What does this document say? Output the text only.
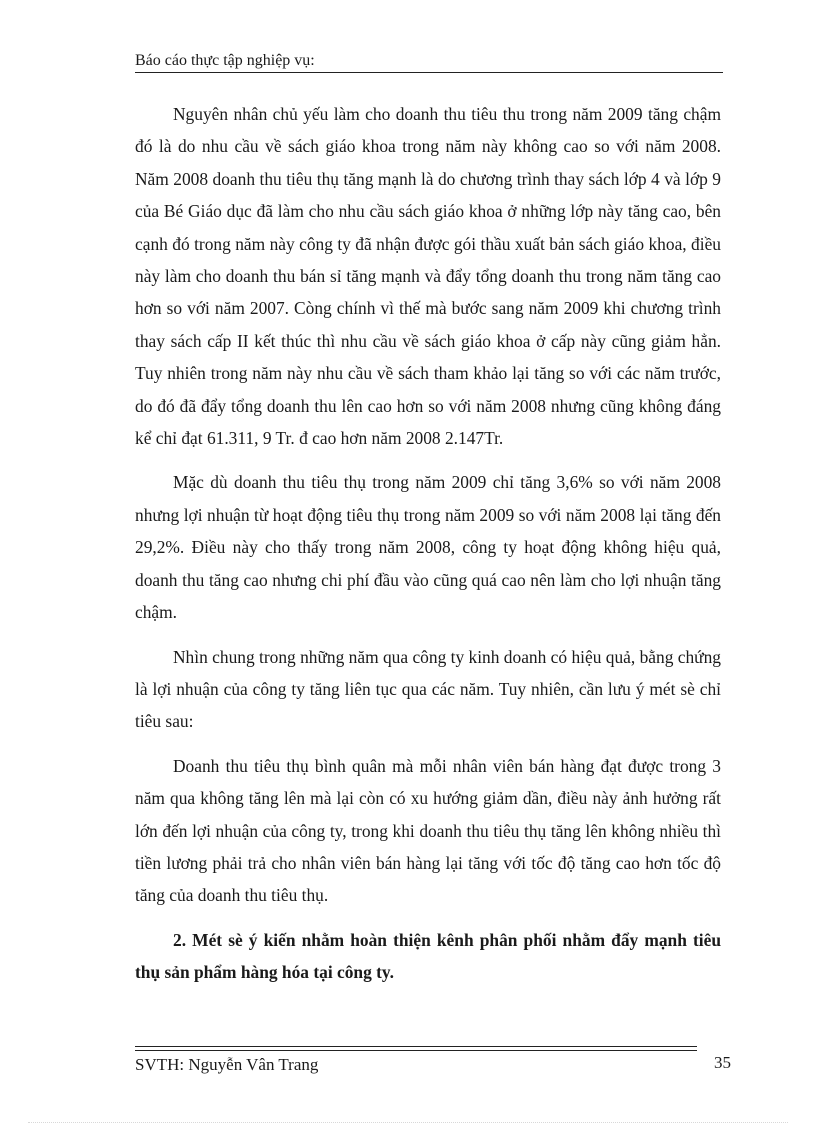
Báo cáo thực tập nghiệp vụ:

Nguyên nhân chủ yếu làm cho doanh thu tiêu thu trong năm 2009 tăng chậm đó là do nhu cầu về sách giáo khoa trong năm này không cao so với năm 2008. Năm 2008 doanh thu tiêu thụ tăng mạnh là do chương trình thay sách lớp 4 và lớp 9 của Bé Giáo dục đã làm cho nhu cầu sách giáo khoa ở những lớp này tăng cao, bên cạnh đó trong năm này công ty đã nhận được gói thầu xuất bản sách giáo khoa, điều này làm cho doanh thu bán sỉ tăng mạnh và đẩy tổng doanh thu trong năm tăng cao hơn so với năm 2007. Còng chính vì thế mà bước sang năm 2009 khi chương trình thay sách cấp II kết thúc thì nhu cầu về sách giáo khoa ở cấp này cũng giảm hẳn. Tuy nhiên trong năm này nhu cầu về sách tham khảo lại tăng so với các năm trước, do đó đã đẩy tổng doanh thu lên cao hơn so với năm 2008 nhưng cũng không đáng kể chỉ đạt 61.311, 9 Tr. đ cao hơn năm 2008 2.147Tr.

Mặc dù doanh thu tiêu thụ trong năm 2009 chỉ tăng 3,6% so với năm 2008 nhưng lợi nhuận từ hoạt động tiêu thụ trong năm 2009 so với năm 2008 lại tăng đến 29,2%. Điều này cho thấy trong năm 2008, công ty hoạt động không hiệu quả, doanh thu tăng cao nhưng chi phí đầu vào cũng quá cao nên làm cho lợi nhuận tăng chậm.

Nhìn chung trong những năm qua công ty kinh doanh có hiệu quả, bằng chứng là lợi nhuận của công ty tăng liên tục qua các năm. Tuy nhiên, cần lưu ý mét sè chỉ tiêu sau:

Doanh thu tiêu thụ bình quân mà mỗi nhân viên bán hàng đạt được trong 3 năm qua không tăng lên mà lại còn có xu hướng giảm dần, điều này ảnh hưởng rất lớn đến lợi nhuận của công ty, trong khi doanh thu tiêu thụ tăng lên không nhiều thì tiền lương phải trả cho nhân viên bán hàng lại tăng với tốc độ tăng cao hơn tốc độ tăng của doanh thu tiêu thụ.

2. Mét sè ý kiến nhằm hoàn thiện kênh phân phối nhằm đẩy mạnh tiêu thụ sản phẩm hàng hóa tại công ty.

SVTH: Nguyễn Vân Trang	35
